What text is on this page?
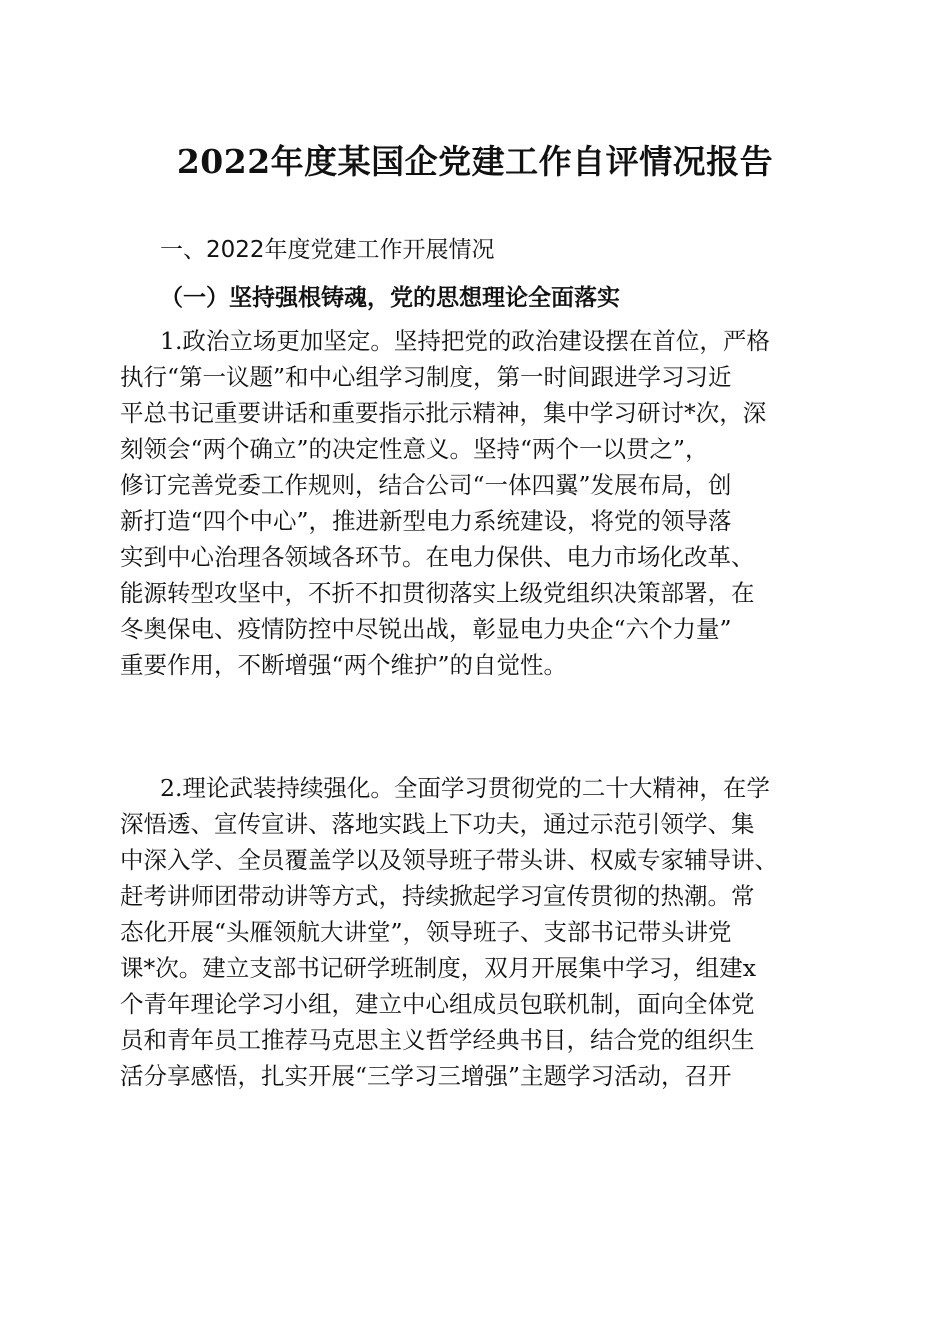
2022年度某国企党建工作自评情况报告
一、2022年度党建工作开展情况
（一）坚持强根铸魂，党的思想理论全面落实
1.政治立场更加坚定。坚持把党的政治建设摆在首位，严格
执行“第一议题”和中心组学习制度，第一时间跟进学习习近
平总书记重要讲话和重要指示批示精神，集中学习研讨*次，深
刻领会“两个确立”的决定性意义。坚持“两个一以贯之”，
修订完善党委工作规则，结合公司“一体四翼”发展布局，创
新打造“四个中心”，推进新型电力系统建设，将党的领导落
实到中心治理各领域各环节。在电力保供、电力市场化改革、
能源转型攻坚中，不折不扣贯彻落实上级党组织决策部署，在
冬奥保电、疫情防控中尽锐出战，彰显电力央企“六个力量”
重要作用，不断增强“两个维护”的自觉性。
2.理论武装持续强化。全面学习贯彻党的二十大精神，在学
深悟透、宣传宣讲、落地实践上下功夫，通过示范引领学、集
中深入学、全员覆盖学以及领导班子带头讲、权威专家辅导讲、
赶考讲师团带动讲等方式，持续掀起学习宣传贯彻的热潮。常
态化开展“头雁领航大讲堂”，领导班子、支部书记带头讲党
课*次。建立支部书记研学班制度，双月开展集中学习，组建x
个青年理论学习小组，建立中心组成员包联机制，面向全体党
员和青年员工推荐马克思主义哲学经典书目，结合党的组织生
活分享感悟，扎实开展“三学习三增强”主题学习活动，召开
